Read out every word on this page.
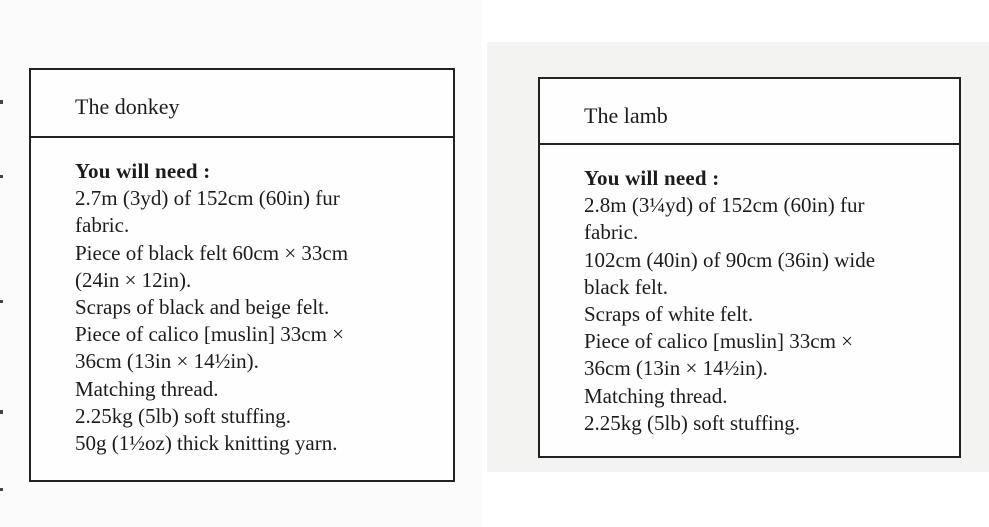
The donkey
You will need :
2.7m (3yd) of 152cm (60in) fur
fabric.
Piece of black felt 60cm × 33cm
(24in × 12in).
Scraps of black and beige felt.
Piece of calico [muslin] 33cm ×
36cm (13in × 14½in).
Matching thread.
2.25kg (5lb) soft stuffing.
50g (1½oz) thick knitting yarn.
The lamb
You will need :
2.8m (3¼yd) of 152cm (60in) fur
fabric.
102cm (40in) of 90cm (36in) wide
black felt.
Scraps of white felt.
Piece of calico [muslin] 33cm ×
36cm (13in × 14½in).
Matching thread.
2.25kg (5lb) soft stuffing.
